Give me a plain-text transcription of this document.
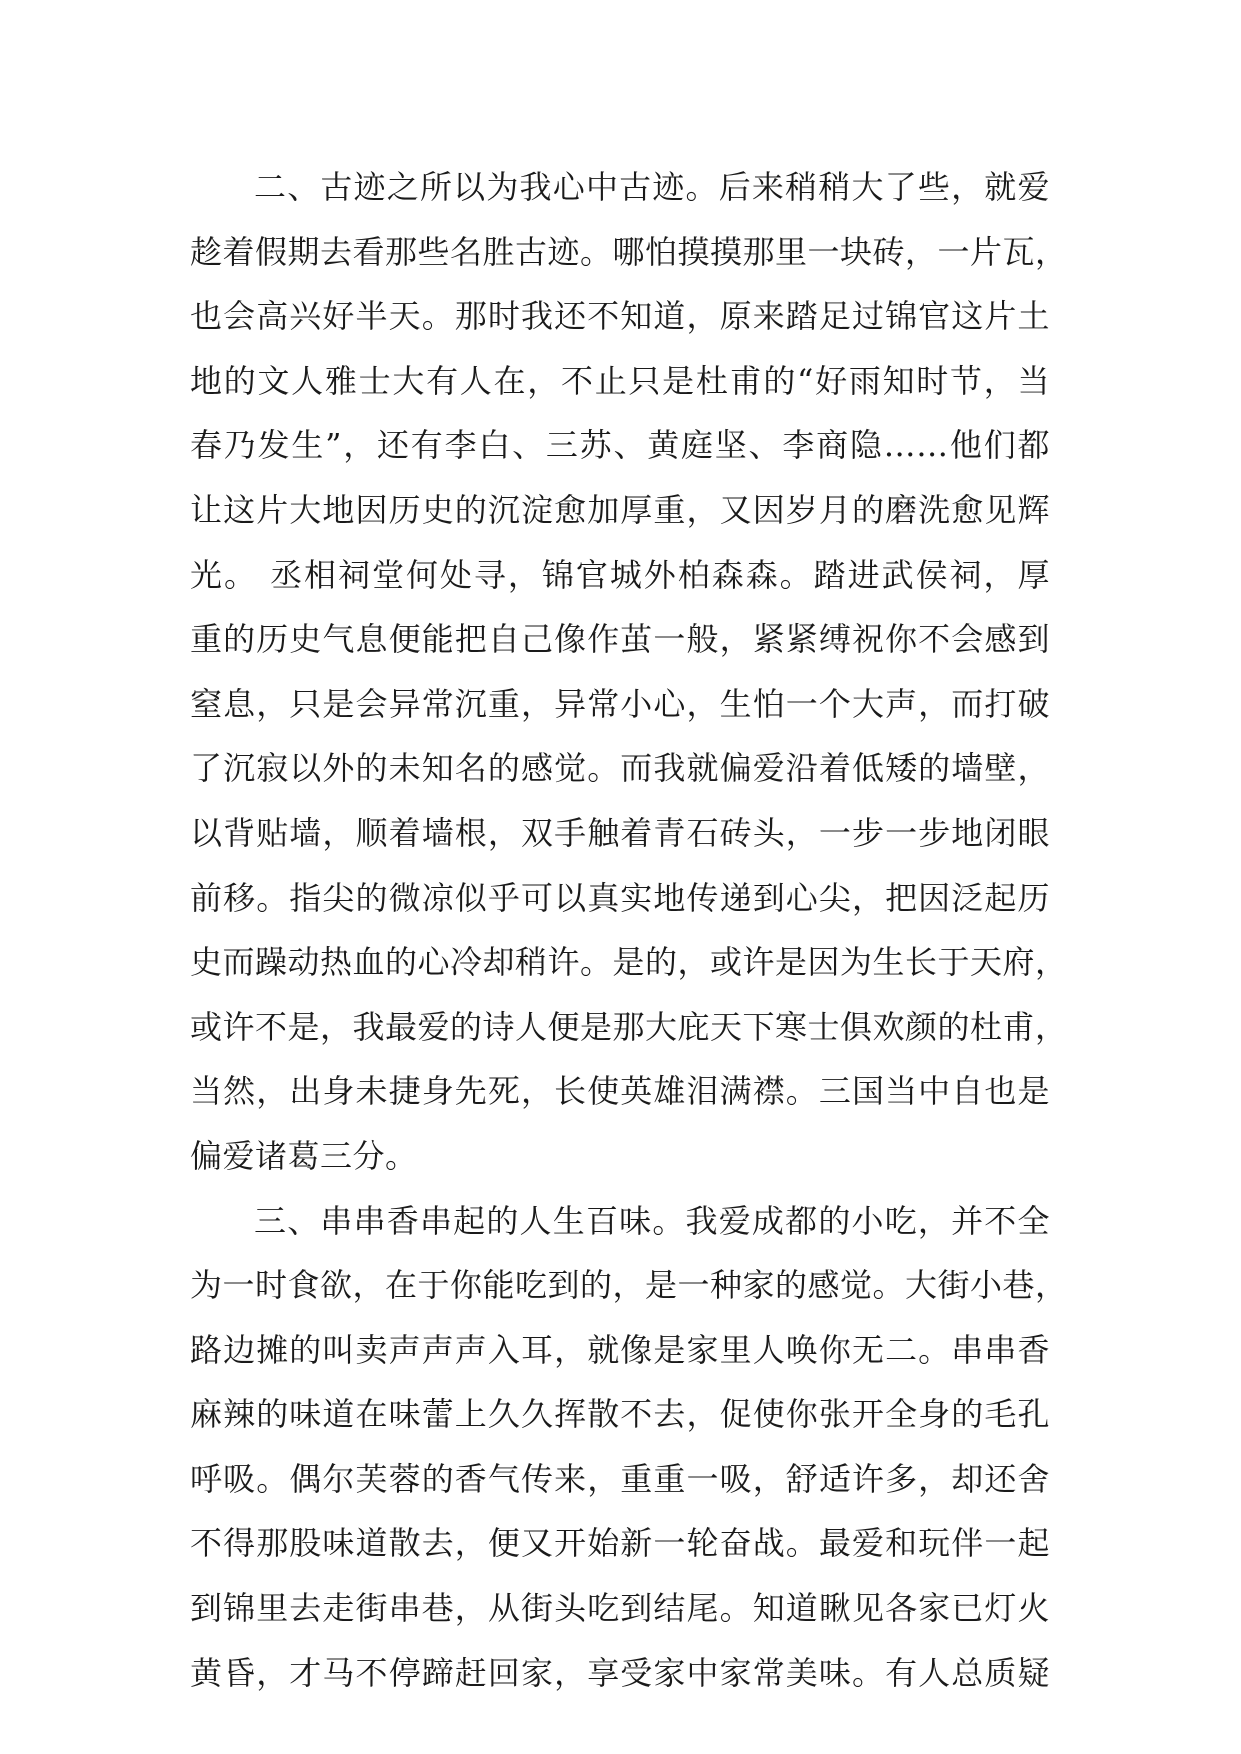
二、古迹之所以为我心中古迹。后来稍稍大了些，就爱
趁着假期去看那些名胜古迹。哪怕摸摸那里一块砖，一片瓦，
也会高兴好半天。那时我还不知道，原来踏足过锦官这片土
地的文人雅士大有人在，不止只是杜甫的“好雨知时节，当
春乃发生”，还有李白、三苏、黄庭坚、李商隐……他们都
让这片大地因历史的沉淀愈加厚重，又因岁月的磨洗愈见辉
光。 丞相祠堂何处寻，锦官城外柏森森。踏进武侯祠，厚
重的历史气息便能把自己像作茧一般，紧紧缚祝你不会感到
窒息，只是会异常沉重，异常小心，生怕一个大声，而打破
了沉寂以外的未知名的感觉。而我就偏爱沿着低矮的墙壁，
以背贴墙，顺着墙根，双手触着青石砖头，一步一步地闭眼
前移。指尖的微凉似乎可以真实地传递到心尖，把因泛起历
史而躁动热血的心冷却稍许。是的，或许是因为生长于天府，
或许不是，我最爱的诗人便是那大庇天下寒士俱欢颜的杜甫，
当然，出身未捷身先死，长使英雄泪满襟。三国当中自也是
偏爱诸葛三分。
三、串串香串起的人生百味。我爱成都的小吃，并不全
为一时食欲，在于你能吃到的，是一种家的感觉。大街小巷，
路边摊的叫卖声声声入耳，就像是家里人唤你无二。串串香
麻辣的味道在味蕾上久久挥散不去，促使你张开全身的毛孔
呼吸。偶尔芙蓉的香气传来，重重一吸，舒适许多，却还舍
不得那股味道散去，便又开始新一轮奋战。最爱和玩伴一起
到锦里去走街串巷，从街头吃到结尾。知道瞅见各家已灯火
黄昏，才马不停蹄赶回家，享受家中家常美味。有人总质疑
